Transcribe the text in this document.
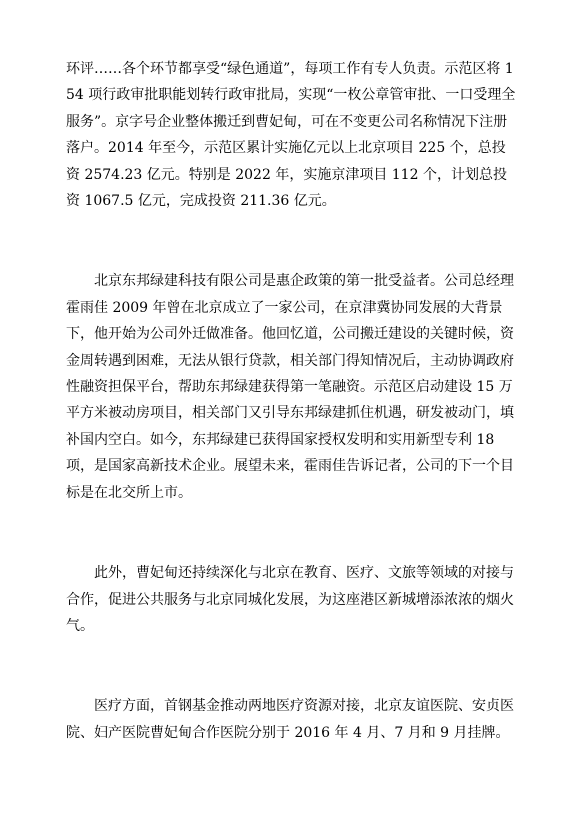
环评……各个环节都享受“绿色通道”，每项工作有专人负责。示范区将 154 项行政审批职能划转行政审批局，实现“一枚公章管审批、一口受理全服务”。京字号企业整体搬迁到曹妃甸，可在不变更公司名称情况下注册落户。2014 年至今，示范区累计实施亿元以上北京项目 225 个，总投资 2574.23 亿元。特别是 2022 年，实施京津项目 112 个，计划总投资 1067.5 亿元，完成投资 211.36 亿元。

北京东邦绿建科技有限公司是惠企政策的第一批受益者。公司总经理霍雨佳 2009 年曾在北京成立了一家公司，在京津冀协同发展的大背景下，他开始为公司外迁做准备。他回忆道，公司搬迁建设的关键时候，资金周转遇到困难，无法从银行贷款，相关部门得知情况后，主动协调政府性融资担保平台，帮助东邦绿建获得第一笔融资。示范区启动建设 15 万平方米被动房项目，相关部门又引导东邦绿建抓住机遇，研发被动门，填补国内空白。如今，东邦绿建已获得国家授权发明和实用新型专利 18 项，是国家高新技术企业。展望未来，霍雨佳告诉记者，公司的下一个目标是在北交所上市。

此外，曹妃甸还持续深化与北京在教育、医疗、文旅等领域的对接与合作，促进公共服务与北京同城化发展，为这座港区新城增添浓浓的烟火气。

医疗方面，首钢基金推动两地医疗资源对接，北京友谊医院、安贞医院、妇产医院曹妃甸合作医院分别于 2016 年 4 月、7 月和 9 月挂牌。
